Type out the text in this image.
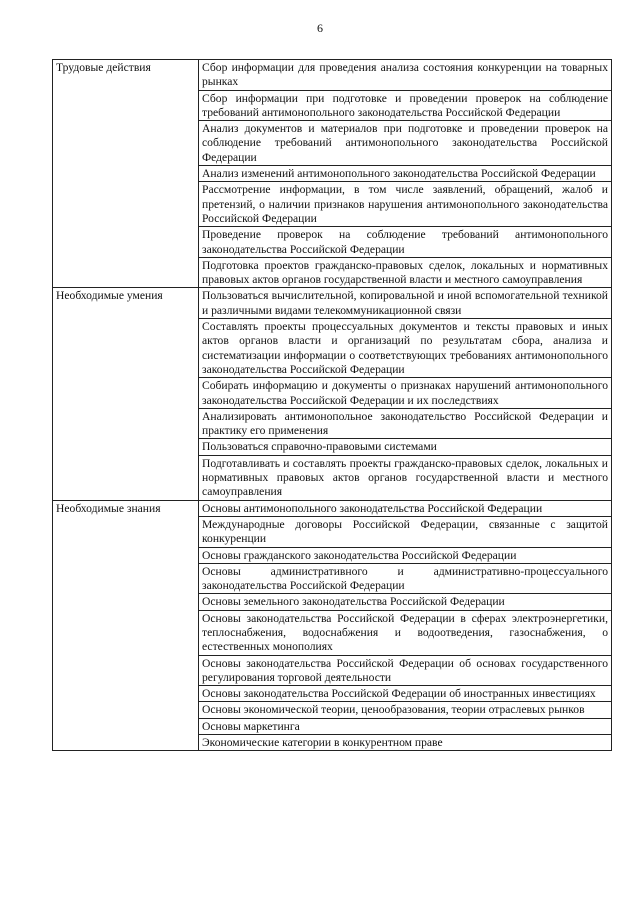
6
Трудовые действия	Сбор информации для проведения анализа состояния конкуренции на товарных рынках
	Сбор информации при подготовке и проведении проверок на соблюдение требований антимонопольного законодательства Российской Федерации
	Анализ документов и материалов при подготовке и проведении проверок на соблюдение требований антимонопольного законодательства Российской Федерации
	Анализ изменений антимонопольного законодательства Российской Федерации
	Рассмотрение информации, в том числе заявлений, обращений, жалоб и претензий, о наличии признаков нарушения антимонопольного законодательства Российской Федерации
	Проведение проверок на соблюдение требований антимонопольного законодательства Российской Федерации
	Подготовка проектов гражданско-правовых сделок, локальных и нормативных правовых актов органов государственной власти и местного самоуправления
Необходимые умения	Пользоваться вычислительной, копировальной и иной вспомогательной техникой и различными видами телекоммуникационной связи
	Составлять проекты процессуальных документов и тексты правовых и иных актов органов власти и организаций по результатам сбора, анализа и систематизации информации о соответствующих требованиях антимонопольного законодательства Российской Федерации
	Собирать информацию и документы о признаках нарушений антимонопольного законодательства Российской Федерации и их последствиях
	Анализировать антимонопольное законодательство Российской Федерации и практику его применения
	Пользоваться справочно-правовыми системами
	Подготавливать и составлять проекты гражданско-правовых сделок, локальных и нормативных правовых актов органов государственной власти и местного самоуправления
Необходимые знания	Основы антимонопольного законодательства Российской Федерации
	Международные договоры Российской Федерации, связанные с защитой конкуренции
	Основы гражданского законодательства Российской Федерации
	Основы административного и административно-процессуального законодательства Российской Федерации
	Основы земельного законодательства Российской Федерации
	Основы законодательства Российской Федерации в сферах электроэнергетики, теплоснабжения, водоснабжения и водоотведения, газоснабжения, о естественных монополиях
	Основы законодательства Российской Федерации об основах государственного регулирования торговой деятельности
	Основы законодательства Российской Федерации об иностранных инвестициях
	Основы экономической теории, ценообразования, теории отраслевых рынков
	Основы маркетинга
	Экономические категории в конкурентном праве
